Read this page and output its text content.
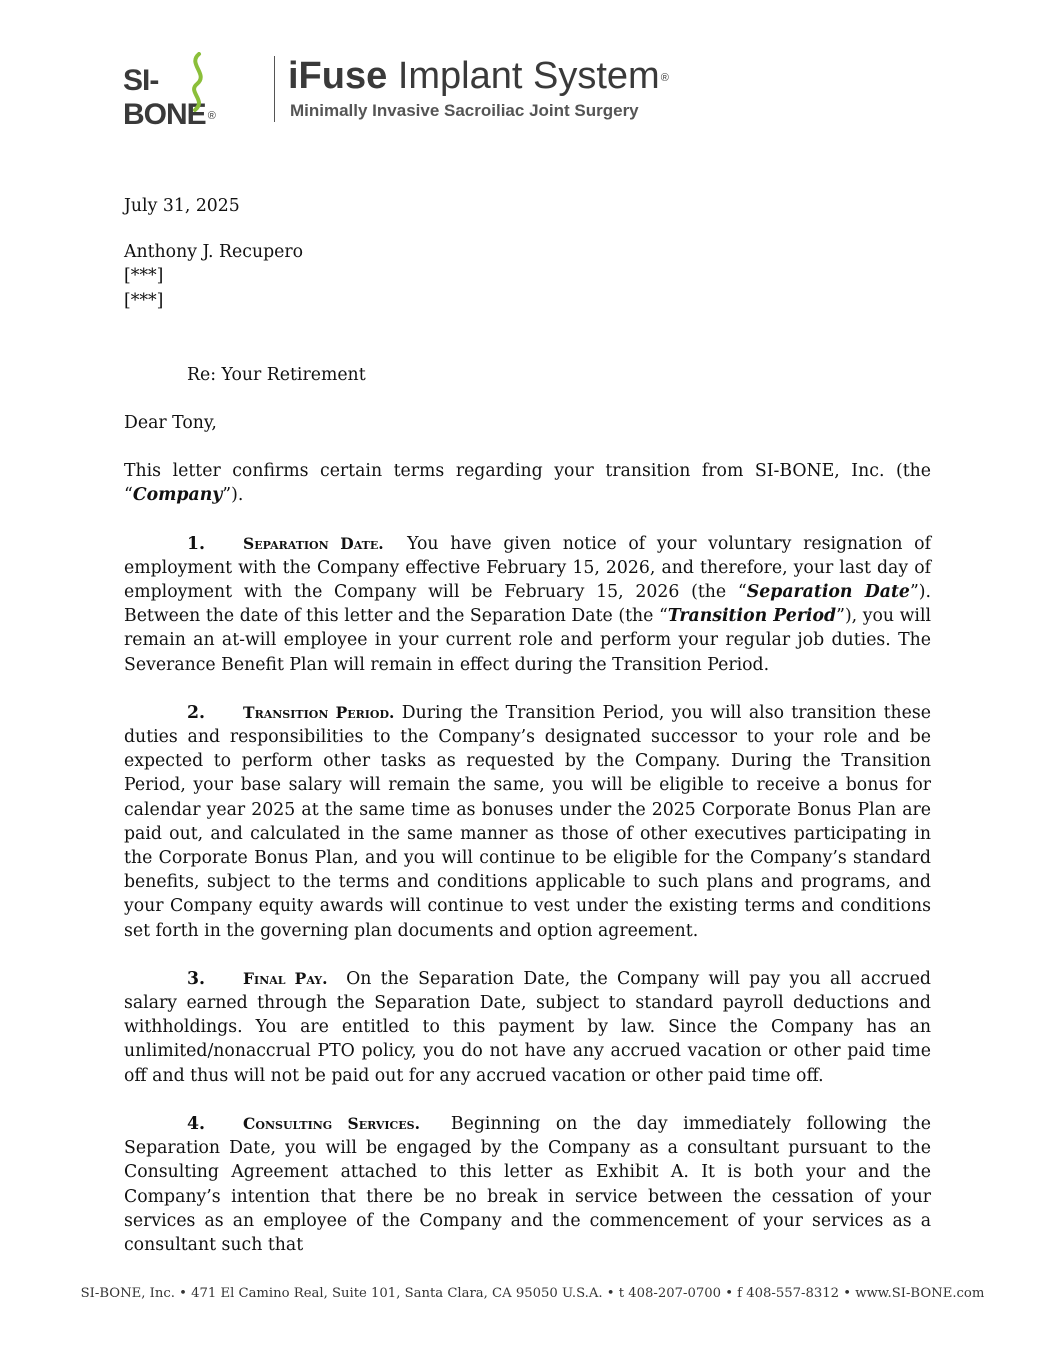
SI-BONE ®
iFuse Implant System®
Minimally Invasive Sacroiliac Joint Surgery

July 31, 2025

Anthony J. Recupero

[***]

[***]

Re: Your Retirement

Dear Tony,

This letter confirms certain terms regarding your transition from SI-BONE, Inc. (the “Company”).

1. Separation Date. You have given notice of your voluntary resignation of employment with the Company effective February 15, 2026, and therefore, your last day of employment with the Company will be February 15, 2026 (the “Separation Date”). Between the date of this letter and the Separation Date (the “Transition Period”), you will remain an at-will employee in your current role and perform your regular job duties. The Severance Benefit Plan will remain in effect during the Transition Period.

2. Transition Period. During the Transition Period, you will also transition these duties and responsibilities to the Company’s designated successor to your role and be expected to perform other tasks as requested by the Company. During the Transition Period, your base salary will remain the same, you will be eligible to receive a bonus for calendar year 2025 at the same time as bonuses under the 2025 Corporate Bonus Plan are paid out, and calculated in the same manner as those of other executives participating in the Corporate Bonus Plan, and you will continue to be eligible for the Company’s standard benefits, subject to the terms and conditions applicable to such plans and programs, and your Company equity awards will continue to vest under the existing terms and conditions set forth in the governing plan documents and option agreement.

3. Final Pay. On the Separation Date, the Company will pay you all accrued salary earned through the Separation Date, subject to standard payroll deductions and withholdings. You are entitled to this payment by law. Since the Company has an unlimited/nonaccrual PTO policy, you do not have any accrued vacation or other paid time off and thus will not be paid out for any accrued vacation or other paid time off.

4. Consulting Services. Beginning on the day immediately following the Separation Date, you will be engaged by the Company as a consultant pursuant to the Consulting Agreement attached to this letter as Exhibit A. It is both your and the Company’s intention that there be no break in service between the cessation of your services as an employee of the Company and the commencement of your services as a consultant such that

SI-BONE, Inc. • 471 El Camino Real, Suite 101, Santa Clara, CA 95050 U.S.A. • t 408-207-0700 • f 408-557-8312 • www.SI-BONE.com
